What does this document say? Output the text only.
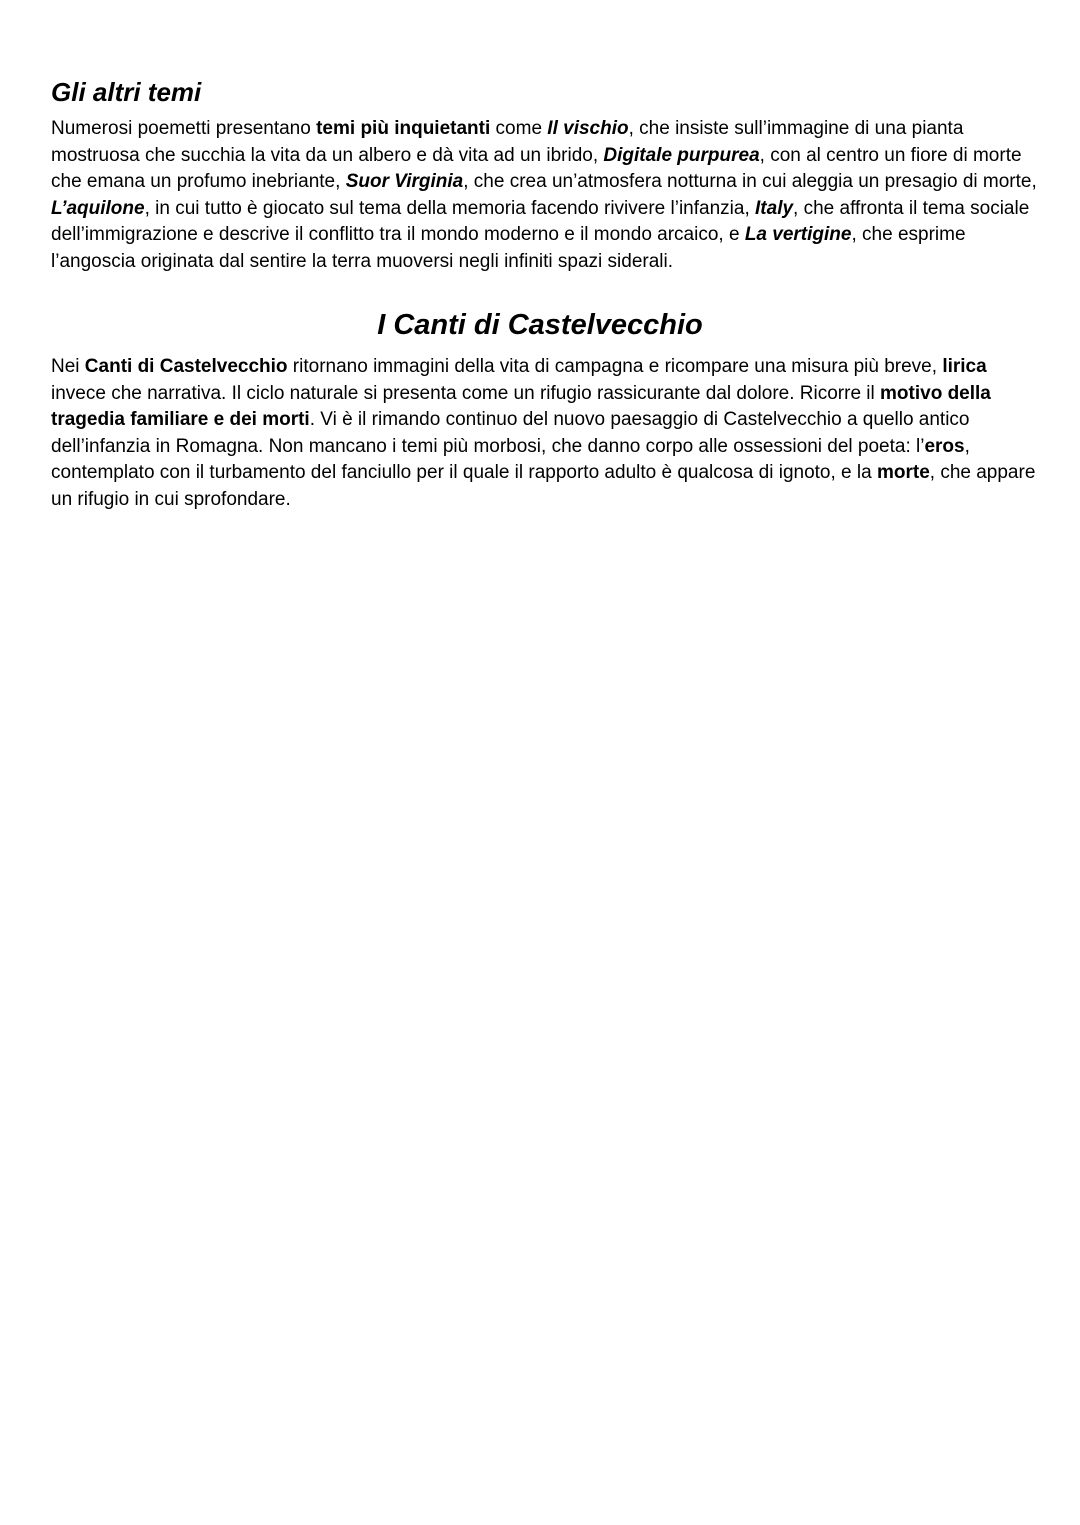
Gli altri temi

Numerosi poemetti presentano temi più inquietanti come Il vischio, che insiste sull’immagine di una pianta mostruosa che succhia la vita da un albero e dà vita ad un ibrido, Digitale purpurea, con al centro un fiore di morte che emana un profumo inebriante, Suor Virginia, che crea un’atmosfera notturna in cui aleggia un presagio di morte, L’aquilone, in cui tutto è giocato sul tema della memoria facendo rivivere l’infanzia, Italy, che affronta il tema sociale dell’immigrazione e descrive il conflitto tra il mondo moderno e il mondo arcaico, e La vertigine, che esprime l’angoscia originata dal sentire la terra muoversi negli infiniti spazi siderali.

I Canti di Castelvecchio

Nei Canti di Castelvecchio ritornano immagini della vita di campagna e ricompare una misura più breve, lirica invece che narrativa. Il ciclo naturale si presenta come un rifugio rassicurante dal dolore. Ricorre il motivo della tragedia familiare e dei morti. Vi è il rimando continuo del nuovo paesaggio di Castelvecchio a quello antico dell’infanzia in Romagna. Non mancano i temi più morbosi, che danno corpo alle ossessioni del poeta: l’eros, contemplato con il turbamento del fanciullo per il quale il rapporto adulto è qualcosa di ignoto, e la morte, che appare un rifugio in cui sprofondare.
